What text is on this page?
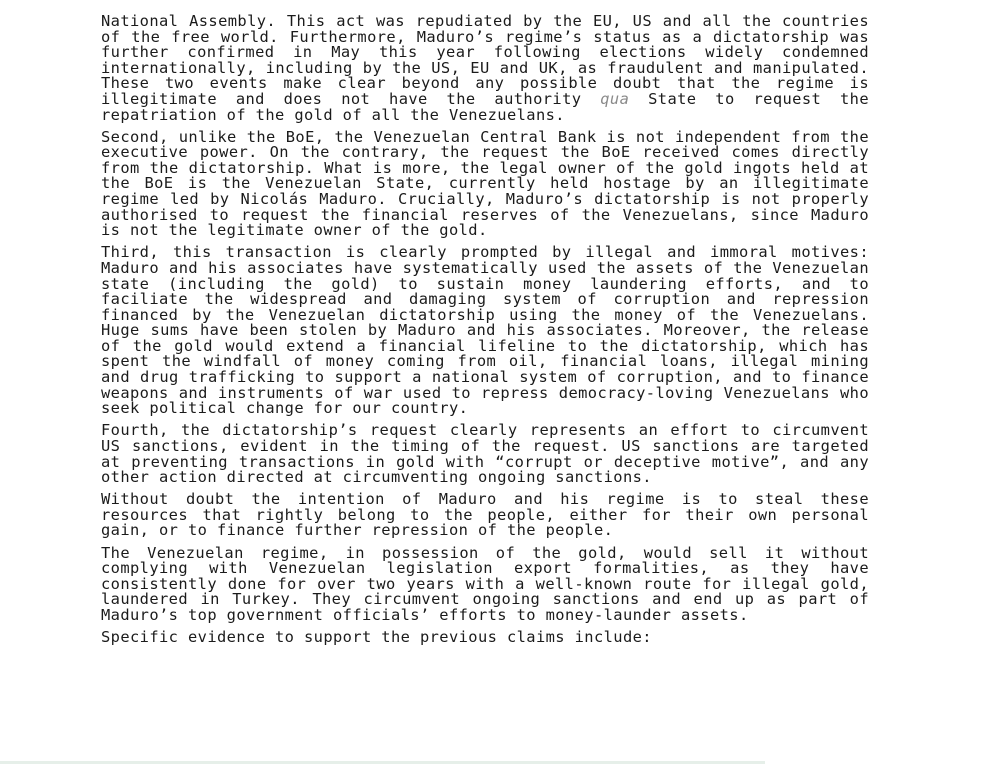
National Assembly. This act was repudiated by the EU, US and all the countries of the free world. Furthermore, Maduro’s regime’s status as a dictatorship was further confirmed in May this year following elections widely condemned internationally, including by the US, EU and UK, as fraudulent and manipulated. These two events make clear beyond any possible doubt that the regime is illegitimate and does not have the authority qua State to request the repatriation of the gold of all the Venezuelans.

Second, unlike the BoE, the Venezuelan Central Bank is not independent from the executive power. On the contrary, the request the BoE received comes directly from the dictatorship. What is more, the legal owner of the gold ingots held at the BoE is the Venezuelan State, currently held hostage by an illegitimate regime led by Nicolás Maduro. Crucially, Maduro’s dictatorship is not properly authorised to request the financial reserves of the Venezuelans, since Maduro is not the legitimate owner of the gold.

Third, this transaction is clearly prompted by illegal and immoral motives: Maduro and his associates have systematically used the assets of the Venezuelan state (including the gold) to sustain money laundering efforts, and to faciliate the widespread and damaging system of corruption and repression financed by the Venezuelan dictatorship using the money of the Venezuelans. Huge sums have been stolen by Maduro and his associates. Moreover, the release of the gold would extend a financial lifeline to the dictatorship, which has spent the windfall of money coming from oil, financial loans, illegal mining and drug trafficking to support a national system of corruption, and to finance weapons and instruments of war used to repress democracy-loving Venezuelans who seek political change for our country.

Fourth, the dictatorship’s request clearly represents an effort to circumvent US sanctions, evident in the timing of the request. US sanctions are targeted at preventing transactions in gold with “corrupt or deceptive motive”, and any other action directed at circumventing ongoing sanctions.

Without doubt the intention of Maduro and his regime is to steal these resources that rightly belong to the people, either for their own personal gain, or to finance further repression of the people.

The Venezuelan regime, in possession of the gold, would sell it without complying with Venezuelan legislation export formalities, as they have consistently done for over two years with a well-known route for illegal gold, laundered in Turkey. They circumvent ongoing sanctions and end up as part of Maduro’s top government officials’ efforts to money-launder assets.

Specific evidence to support the previous claims include:
